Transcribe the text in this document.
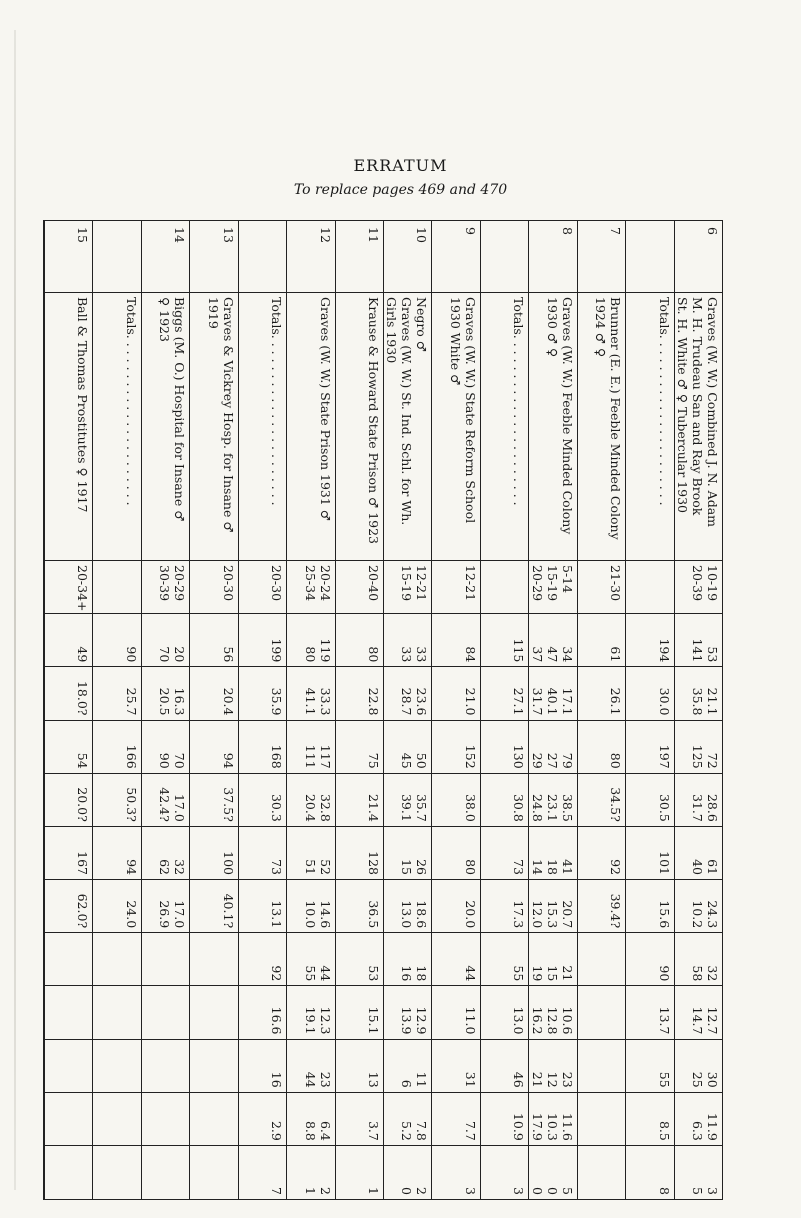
ERRATUM
To replace pages 469 and 470
6
Graves (W. W.) Combined J. N. Adam
M. H. Trudeau San and Ray Brook
St. H. White ♂ ♀ Tubercular 1930
10-19
20-39
53
141
21.1
35.8
72
125
28.6
31.7
61
40
24.3
10.2
32
58
12.7
14.7
30
25
11.9
6.3
3
5
Totals. . . . . . . . . . . . . . . . . . . . . .
194
30.0
197
30.5
101
15.6
90
13.7
55
8.5
8
7
Brunner (E. E.) Feeble Minded Colony
1924 ♂ ♀
21-30
61
26.1
80
34.5?
92
39.4?
8
Graves (W. W.) Feeble Minded Colony
1930 ♂ ♀
5-14
15-19
20-29
34
47
37
17.1
40.1
31.7
79
27
29
38.5
23.1
24.8
41
18
14
20.7
15.3
12.0
21
15
19
10.6
12.8
16.2
23
12
21
11.6
10.3
17.9
5
0
0
Totals. . . . . . . . . . . . . . . . . . . . . .
115
27.1
130
30.8
73
17.3
55
13.0
46
10.9
3
9
Graves (W. W.) State Reform School
1930 White ♂
12-21
84
21.0
152
38.0
80
20.0
44
11.0
31
7.7
3
10
Negro ♂
Graves (W. W.) St. Ind. Schl. for Wh.
Girls 1930
12-21
15-19
33
33
23.6
28.7
50
45
35.7
39.1
26
15
18.6
13.0
18
16
12.9
13.9
11
6
7.8
5.2
2
0
11
Krause & Howard State Prison ♂ 1923
20-40
80
22.8
75
21.4
128
36.5
53
15.1
13
3.7
1
12
Graves (W. W.) State Prison 1931 ♂
20-24
25-34
119
80
33.3
41.1
117
111
32.8
20.4
52
51
14.6
10.0
44
55
12.3
19.1
23
44
6.4
8.8
2
1
Totals. . . . . . . . . . . . . . . . . . . . . .
20-30
199
35.9
168
30.3
73
13.1
92
16.6
16
2.9
7
13
Graves & Vickrey Hosp. for Insane ♂
1919
20-30
56
20.4
94
37.5?
100
40.1?
14
Biggs (M. O.) Hospital for Insane ♂
♀ 1923
20-29
30-39
20
70
16.3
20.5
70
90
17.0
42.4?
32
62
17.0
26.9
Totals. . . . . . . . . . . . . . . . . . . . . .
90
25.7
166
50.3?
94
24.0
15
Ball & Thomas Prostitutes ♀ 1917
20-34+
49
18.0?
54
20.0?
167
62.0?
